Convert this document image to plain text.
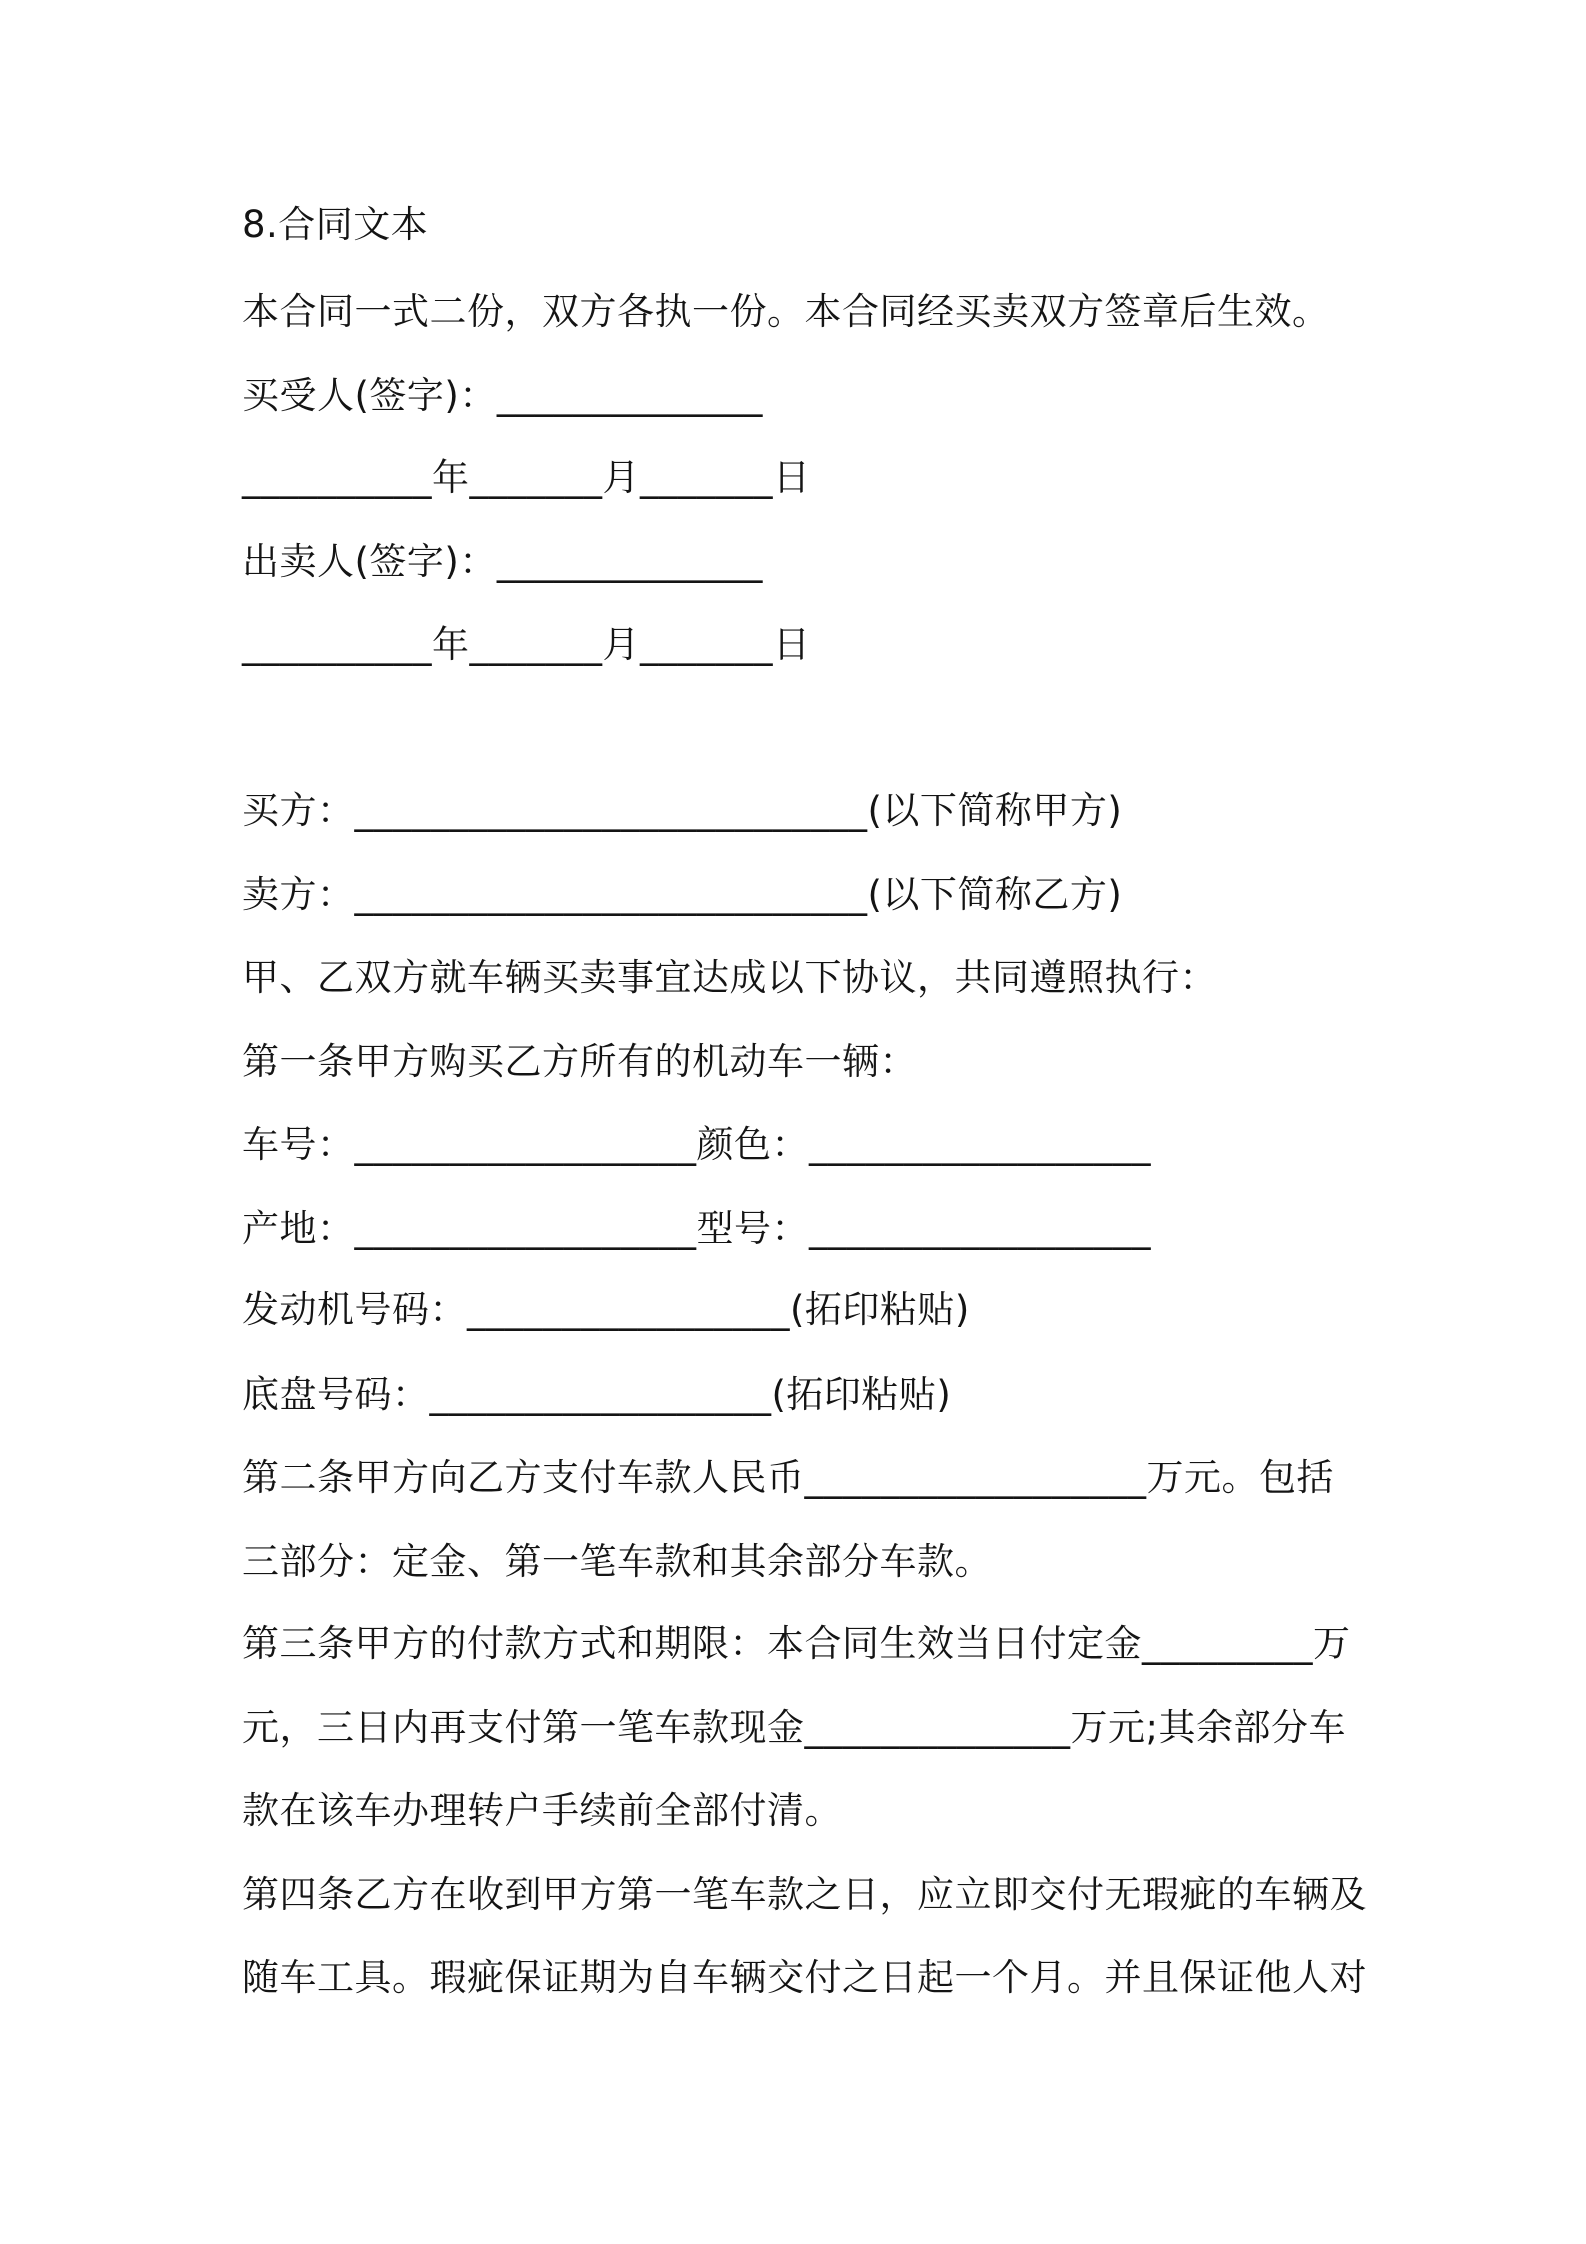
8.合同文本
本合同一式二份，双方各执一份。本合同经买卖双方签章后生效。
买受人(签字)：______________
__________年_______月_______日
出卖人(签字)：______________
__________年_______月_______日
买方：___________________________(以下简称甲方)
卖方：___________________________(以下简称乙方)
甲、乙双方就车辆买卖事宜达成以下协议，共同遵照执行：
第一条甲方购买乙方所有的机动车一辆：
车号：__________________颜色：__________________
产地：__________________型号：__________________
发动机号码：_________________(拓印粘贴)
底盘号码：__________________(拓印粘贴)
第二条甲方向乙方支付车款人民币__________________万元。包括
三部分：定金、第一笔车款和其余部分车款。
第三条甲方的付款方式和期限：本合同生效当日付定金_________万
元，三日内再支付第一笔车款现金______________万元;其余部分车
款在该车办理转户手续前全部付清。
第四条乙方在收到甲方第一笔车款之日，应立即交付无瑕疵的车辆及
随车工具。瑕疵保证期为自车辆交付之日起一个月。并且保证他人对
